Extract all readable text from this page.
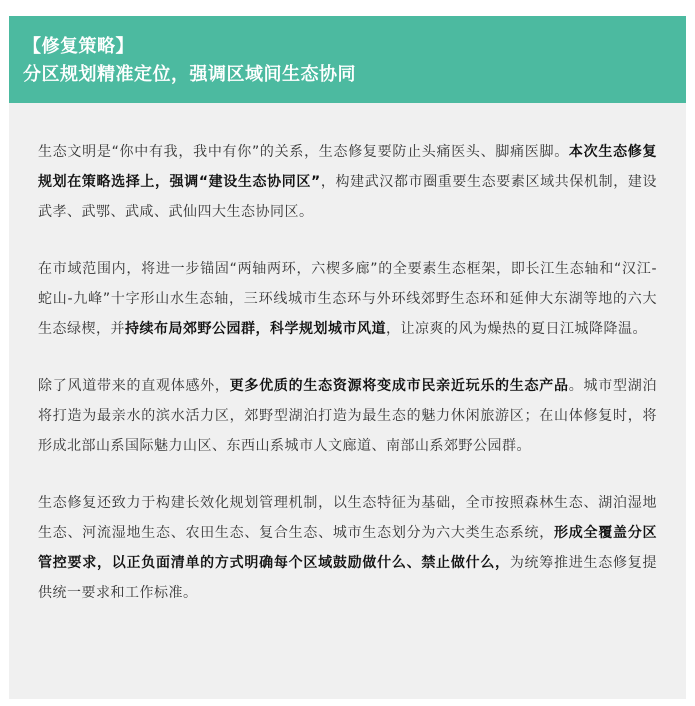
【修复策略】
分区规划精准定位，强调区域间生态协同

生态文明是“你中有我，我中有你”的关系，生态修复要防止头痛医头、脚痛医脚。本次生态修复规划在策略选择上，强调“建设生态协同区”，构建武汉都市圈重要生态要素区域共保机制，建设武孝、武鄂、武咸、武仙四大生态协同区。

在市域范围内，将进一步锚固“两轴两环，六楔多廊”的全要素生态框架，即长江生态轴和“汉江-蛇山-九峰”十字形山水生态轴，三环线城市生态环与外环线郊野生态环和延伸大东湖等地的六大生态绿楔，并持续布局郊野公园群，科学规划城市风道，让凉爽的风为燥热的夏日江城降降温。

除了风道带来的直观体感外，更多优质的生态资源将变成市民亲近玩乐的生态产品。城市型湖泊将打造为最亲水的滨水活力区，郊野型湖泊打造为最生态的魅力休闲旅游区；在山体修复时，将形成北部山系国际魅力山区、东西山系城市人文廊道、南部山系郊野公园群。

生态修复还致力于构建长效化规划管理机制，以生态特征为基础，全市按照森林生态、湖泊湿地生态、河流湿地生态、农田生态、复合生态、城市生态划分为六大类生态系统，形成全覆盖分区管控要求，以正负面清单的方式明确每个区域鼓励做什么、禁止做什么，为统筹推进生态修复提供统一要求和工作标准。
